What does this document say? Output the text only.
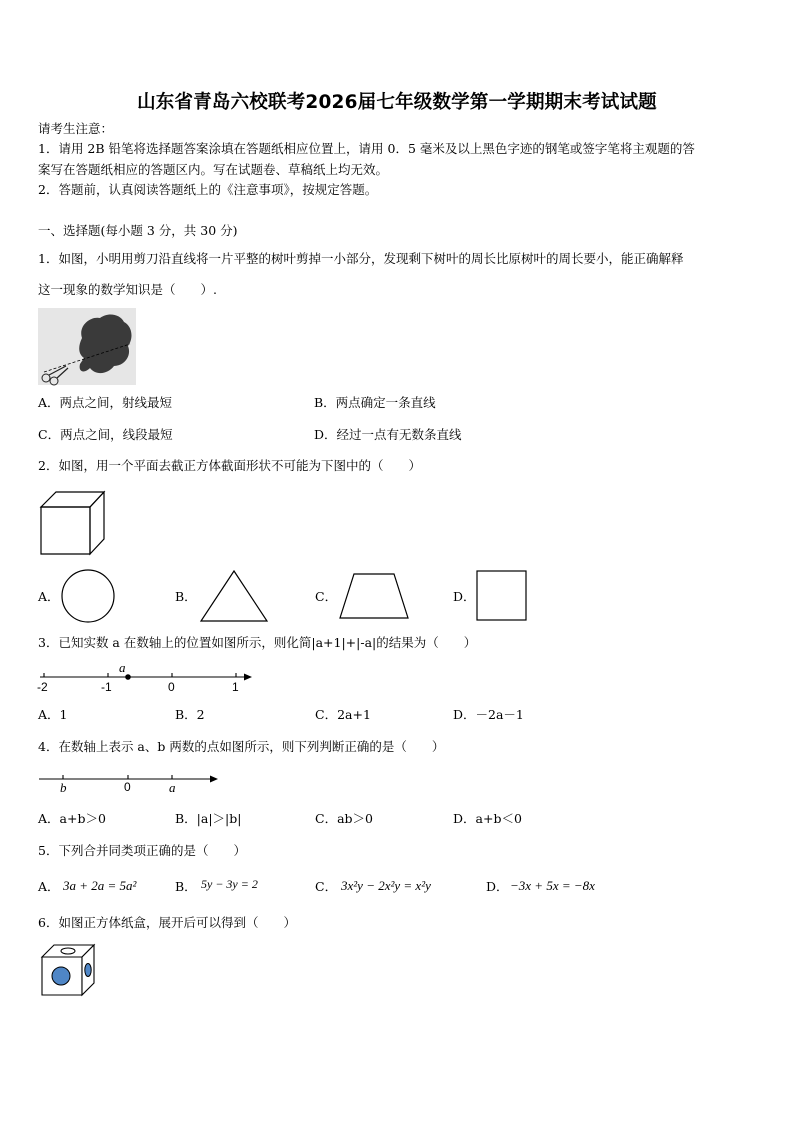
山东省青岛六校联考2026届七年级数学第一学期期末考试试题
请考生注意：
1．请用 2B 铅笔将选择题答案涂填在答题纸相应位置上，请用 0．5 毫米及以上黑色字迹的钢笔或签字笔将主观题的答
案写在答题纸相应的答题区内。写在试题卷、草稿纸上均无效。
2．答题前，认真阅读答题纸上的《注意事项》，按规定答题。
一、选择题(每小题 3 分，共 30 分)
1．如图，小明用剪刀沿直线将一片平整的树叶剪掉一小部分，发现剩下树叶的周长比原树叶的周长要小，能正确解释
这一现象的数学知识是（　　）.
A．两点之间，射线最短	B．两点确定一条直线
C．两点之间，线段最短	D．经过一点有无数条直线
2．如图，用一个平面去截正方体截面形状不可能为下图中的（　　）
A．	B．	C．	D．
3．已知实数 a 在数轴上的位置如图所示，则化简|a+1|+|-a|的结果为（　　）
a
-2	-1	0	1
A．1	B．2	C．2a+1	D．－2a－1
4．在数轴上表示 a、b 两数的点如图所示，则下列判断正确的是（　　）
b	0	a
A．a+b＞0	B．|a|＞|b|	C．ab＞0	D．a+b＜0
5．下列合并同类项正确的是（　　）
A． 3a + 2a = 5a²	B． 5y − 3y = 2	C． 3x²y − 2x²y = x²y	D． −3x + 5x = −8x
6．如图正方体纸盒，展开后可以得到（　　）
